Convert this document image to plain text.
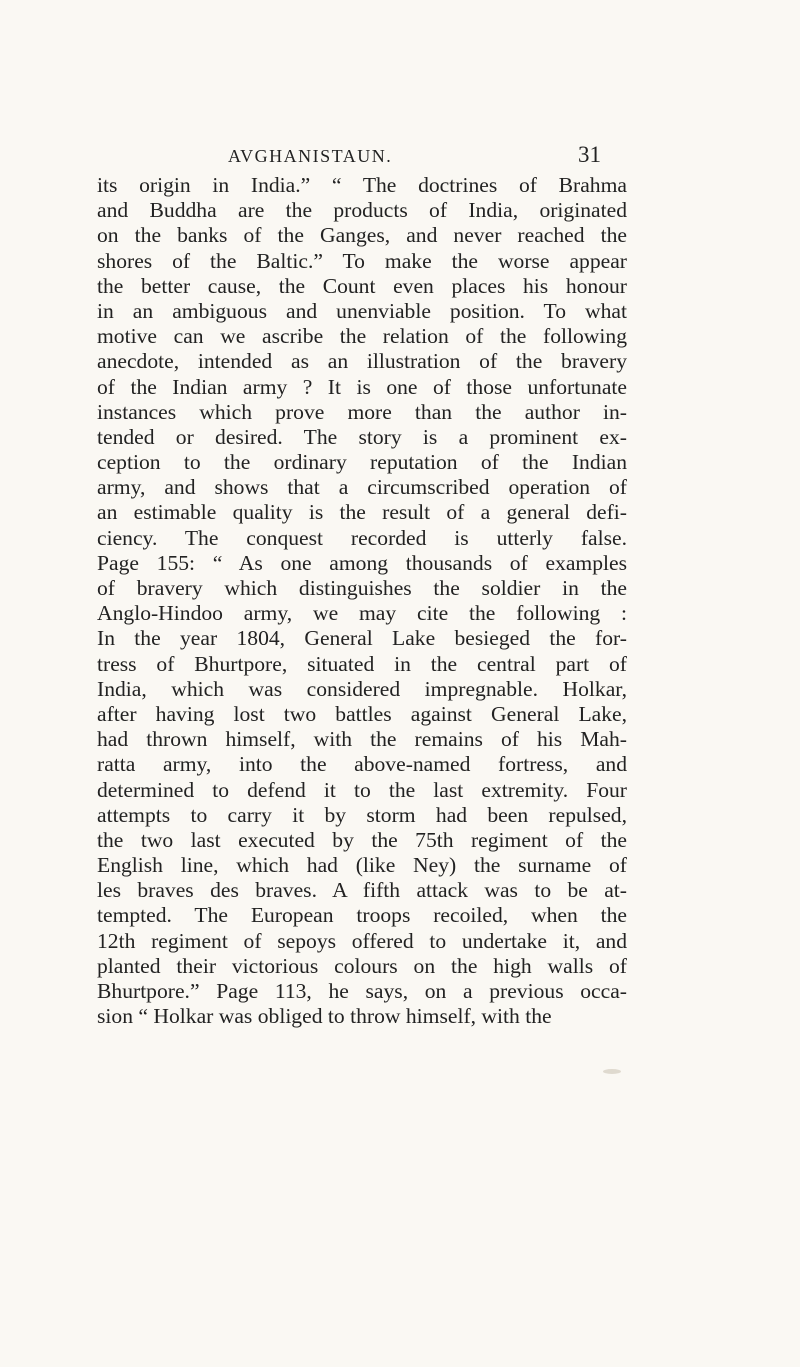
AVGHANISTAUN.	31
its origin in India.” “ The doctrines of Brahma
and Buddha are the products of India, originated
on the banks of the Ganges, and never reached the
shores of the Baltic.” To make the worse appear
the better cause, the Count even places his honour
in an ambiguous and unenviable position. To what
motive can we ascribe the relation of the following
anecdote, intended as an illustration of the bravery
of the Indian army ? It is one of those unfortunate
instances which prove more than the author in-
tended or desired. The story is a prominent ex-
ception to the ordinary reputation of the Indian
army, and shows that a circumscribed operation of
an estimable quality is the result of a general defi-
ciency. The conquest recorded is utterly false.
Page 155: “ As one among thousands of examples
of bravery which distinguishes the soldier in the
Anglo-Hindoo army, we may cite the following :
In the year 1804, General Lake besieged the for-
tress of Bhurtpore, situated in the central part of
India, which was considered impregnable. Holkar,
after having lost two battles against General Lake,
had thrown himself, with the remains of his Mah-
ratta army, into the above-named fortress, and
determined to defend it to the last extremity. Four
attempts to carry it by storm had been repulsed,
the two last executed by the 75th regiment of the
English line, which had (like Ney) the surname of
les braves des braves. A fifth attack was to be at-
tempted. The European troops recoiled, when the
12th regiment of sepoys offered to undertake it, and
planted their victorious colours on the high walls of
Bhurtpore.” Page 113, he says, on a previous occa-
sion “ Holkar was obliged to throw himself, with the
